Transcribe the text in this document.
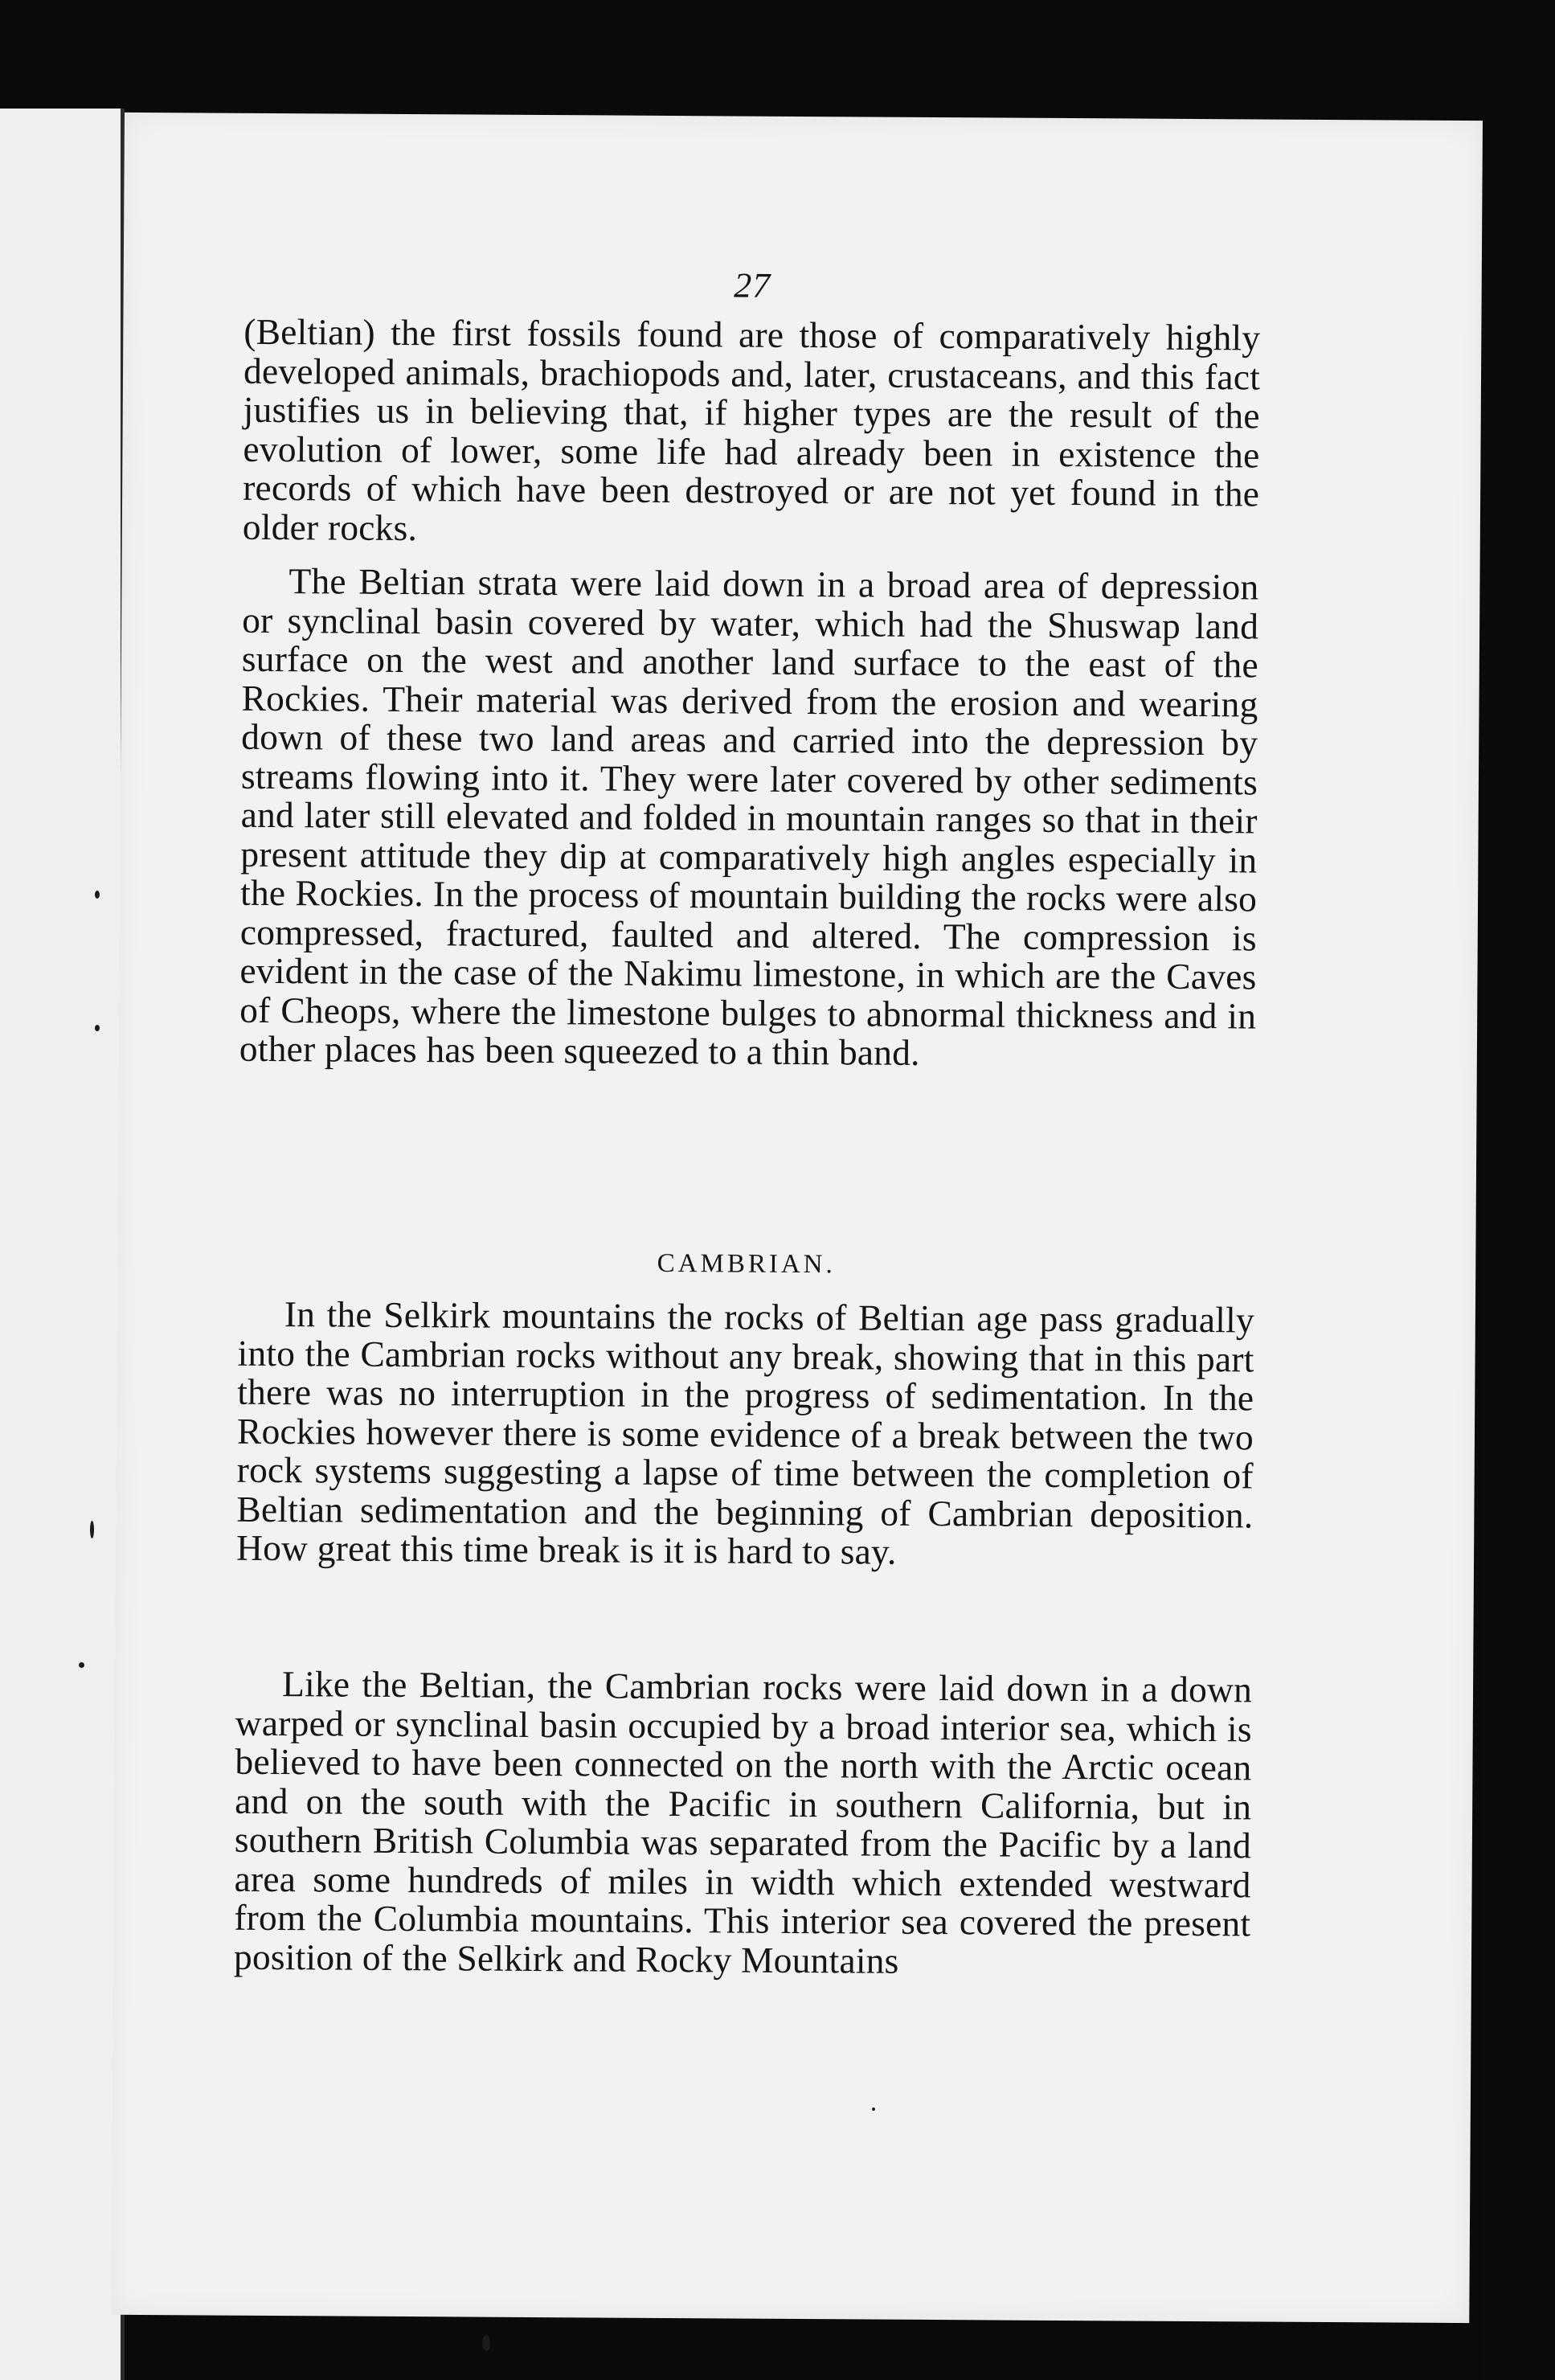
27

(Beltian) the first fossils found are those of comparatively highly developed animals, brachiopods and, later, crustaceans, and this fact justifies us in believing that, if higher types are the result of the evolution of lower, some life had already been in existence the records of which have been destroyed or are not yet found in the older rocks.

The Beltian strata were laid down in a broad area of depression or synclinal basin covered by water, which had the Shuswap land surface on the west and another land surface to the east of the Rockies. Their material was derived from the erosion and wearing down of these two land areas and carried into the depression by streams flowing into it. They were later covered by other sediments and later still elevated and folded in mountain ranges so that in their present attitude they dip at comparatively high angles especially in the Rockies. In the process of mountain building the rocks were also compressed, fractured, faulted and altered. The compression is evident in the case of the Nakimu limestone, in which are the Caves of Cheops, where the limestone bulges to abnormal thickness and in other places has been squeezed to a thin band.

CAMBRIAN.

In the Selkirk mountains the rocks of Beltian age pass gradually into the Cambrian rocks without any break, showing that in this part there was no interruption in the progress of sedimentation. In the Rockies however there is some evidence of a break between the two rock systems suggesting a lapse of time between the completion of Beltian sedimentation and the beginning of Cambrian deposition. How great this time break is it is hard to say.

Like the Beltian, the Cambrian rocks were laid down in a down warped or synclinal basin occupied by a broad interior sea, which is believed to have been connected on the north with the Arctic ocean and on the south with the Pacific in southern California, but in southern British Columbia was separated from the Pacific by a land area some hundreds of miles in width which extended westward from the Columbia mountains. This interior sea covered the present position of the Selkirk and Rocky Mountains
